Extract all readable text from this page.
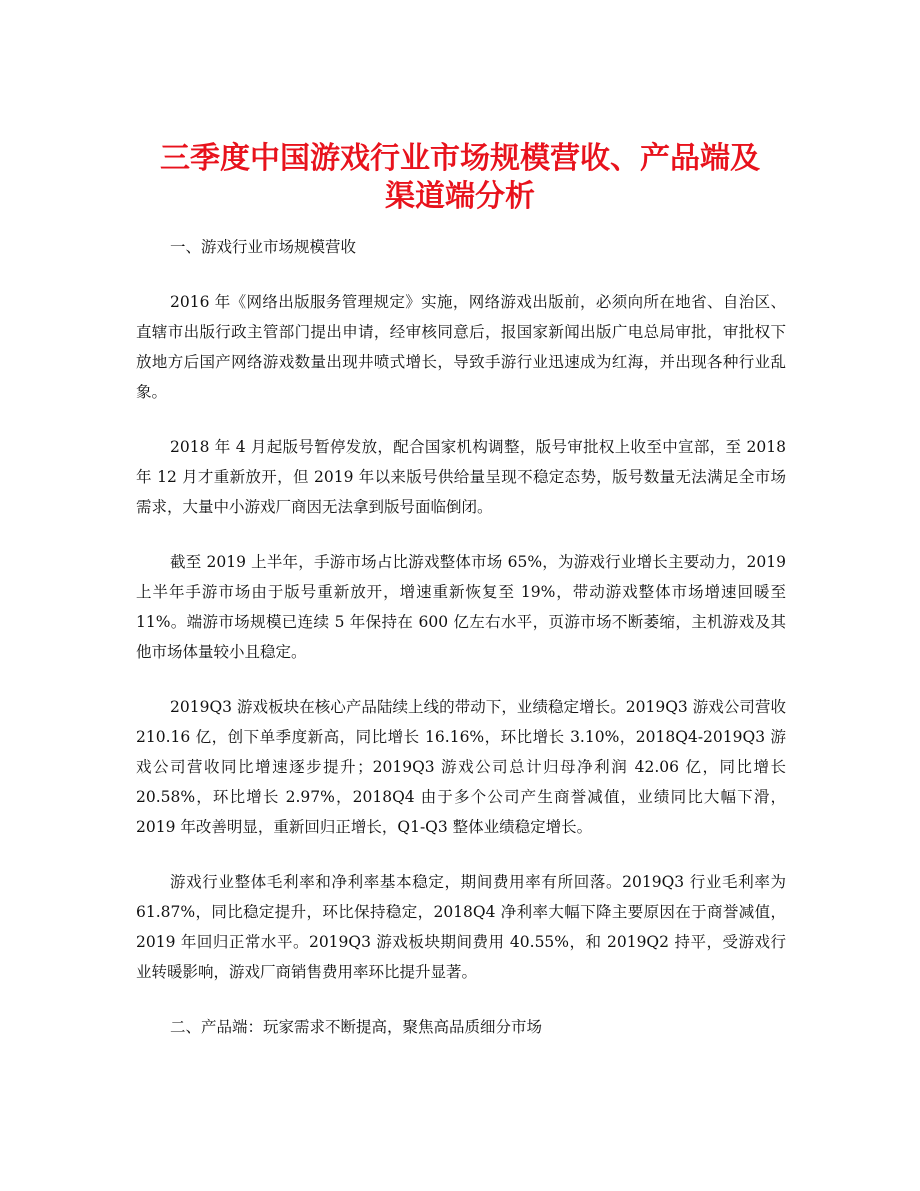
三季度中国游戏行业市场规模营收、产品端及
渠道端分析

一、游戏行业市场规模营收

2016 年《网络出版服务管理规定》实施，网络游戏出版前，必须向所在地省、自治区、直辖市出版行政主管部门提出申请，经审核同意后，报国家新闻出版广电总局审批，审批权下放地方后国产网络游戏数量出现井喷式增长，导致手游行业迅速成为红海，并出现各种行业乱象。

2018 年 4 月起版号暂停发放，配合国家机构调整，版号审批权上收至中宣部，至 2018 年 12 月才重新放开，但 2019 年以来版号供给量呈现不稳定态势，版号数量无法满足全市场需求，大量中小游戏厂商因无法拿到版号面临倒闭。

截至 2019 上半年，手游市场占比游戏整体市场 65%，为游戏行业增长主要动力，2019 上半年手游市场由于版号重新放开，增速重新恢复至 19%，带动游戏整体市场增速回暖至 11%。端游市场规模已连续 5 年保持在 600 亿左右水平，页游市场不断萎缩，主机游戏及其他市场体量较小且稳定。

2019Q3 游戏板块在核心产品陆续上线的带动下，业绩稳定增长。2019Q3 游戏公司营收 210.16 亿，创下单季度新高，同比增长 16.16%，环比增长 3.10%，2018Q4-2019Q3 游戏公司营收同比增速逐步提升；2019Q3 游戏公司总计归母净利润 42.06 亿，同比增长 20.58%，环比增长 2.97%，2018Q4 由于多个公司产生商誉减值，业绩同比大幅下滑，2019 年改善明显，重新回归正增长，Q1-Q3 整体业绩稳定增长。

游戏行业整体毛利率和净利率基本稳定，期间费用率有所回落。2019Q3 行业毛利率为 61.87%，同比稳定提升，环比保持稳定，2018Q4 净利率大幅下降主要原因在于商誉减值，2019 年回归正常水平。2019Q3 游戏板块期间费用 40.55%，和 2019Q2 持平，受游戏行业转暖影响，游戏厂商销售费用率环比提升显著。

二、产品端：玩家需求不断提高，聚焦高品质细分市场
